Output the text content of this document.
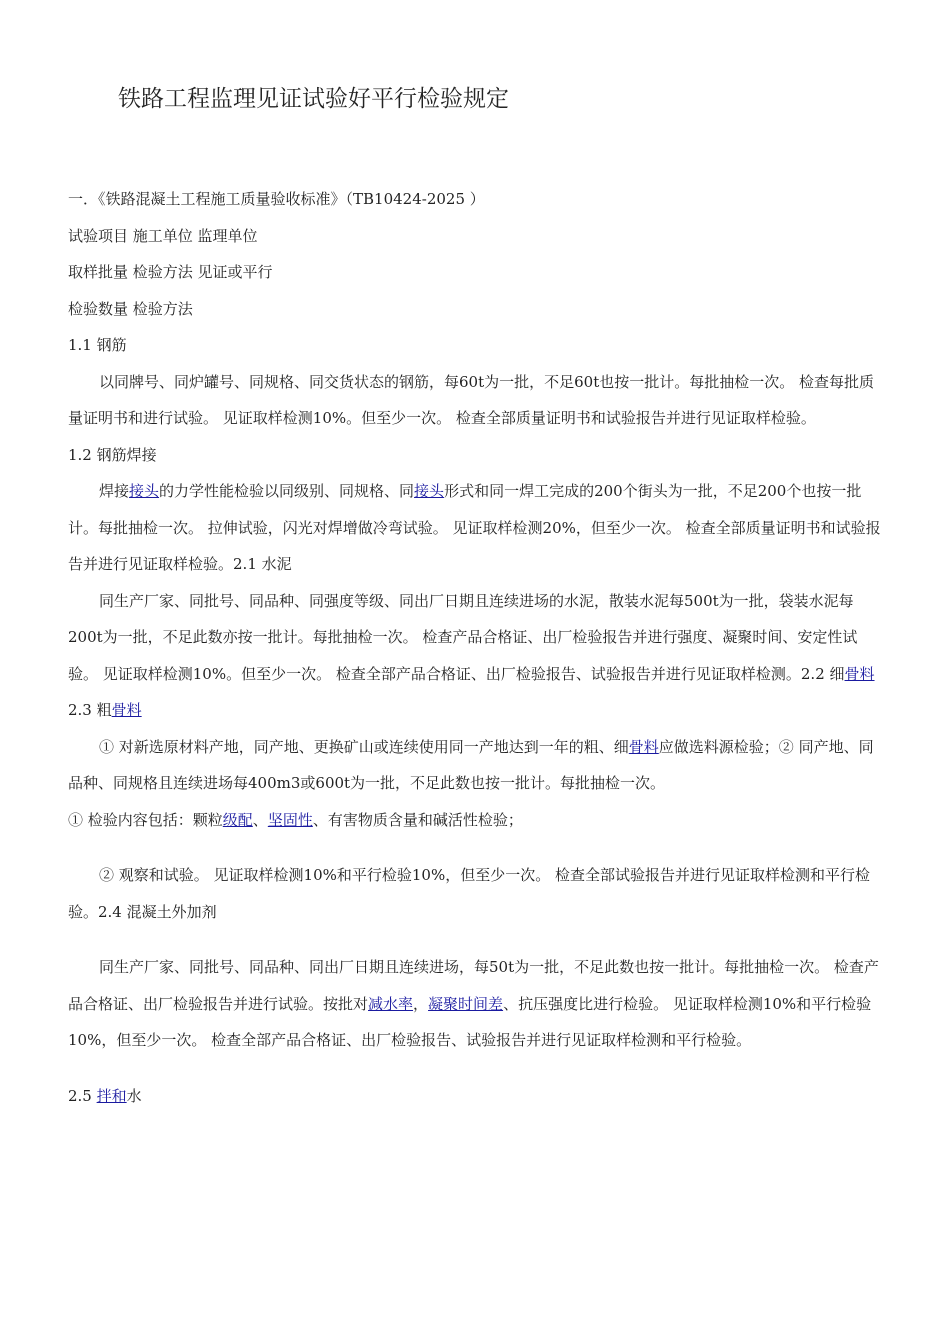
铁路工程监理见证试验好平行检验规定

一．《铁路混凝土工程施工质量验收标准》（TB10424-2025 ）

试验项目 施工单位 监理单位

取样批量 检验方法 见证或平行

检验数量 检验方法

1.1 钢筋

以同牌号、同炉罐号、同规格、同交货状态的钢筋，每60t为一批，不足60t也按一批计。每批抽检一次。 检查每批质量证明书和进行试验。 见证取样检测10%。但至少一次。 检查全部质量证明书和试验报告并进行见证取样检验。

1.2 钢筋焊接

焊接接头的力学性能检验以同级别、同规格、同接头形式和同一焊工完成的200个街头为一批，不足200个也按一批计。每批抽检一次。 拉伸试验，闪光对焊增做冷弯试验。 见证取样检测20%，但至少一次。 检查全部质量证明书和试验报告并进行见证取样检验。2.1 水泥

同生产厂家、同批号、同品种、同强度等级、同出厂日期且连续进场的水泥，散装水泥每500t为一批，袋装水泥每200t为一批，不足此数亦按一批计。每批抽检一次。 检查产品合格证、出厂检验报告并进行强度、凝聚时间、安定性试验。 见证取样检测10%。但至少一次。 检查全部产品合格证、出厂检验报告、试验报告并进行见证取样检测。2.2 细骨料

2.3 粗骨料

① 对新选原材料产地，同产地、更换矿山或连续使用同一产地达到一年的粗、细骨料应做选料源检验；② 同产地、同品种、同规格且连续进场每400m3或600t为一批，不足此数也按一批计。每批抽检一次。

① 检验内容包括：颗粒级配、坚固性、有害物质含量和碱活性检验；

② 观察和试验。 见证取样检测10%和平行检验10%，但至少一次。 检查全部试验报告并进行见证取样检测和平行检验。2.4 混凝土外加剂

同生产厂家、同批号、同品种、同出厂日期且连续进场，每50t为一批，不足此数也按一批计。每批抽检一次。 检查产品合格证、出厂检验报告并进行试验。按批对减水率，凝聚时间差、抗压强度比进行检验。 见证取样检测10%和平行检验10%，但至少一次。 检查全部产品合格证、出厂检验报告、试验报告并进行见证取样检测和平行检验。

2.5 拌和水
